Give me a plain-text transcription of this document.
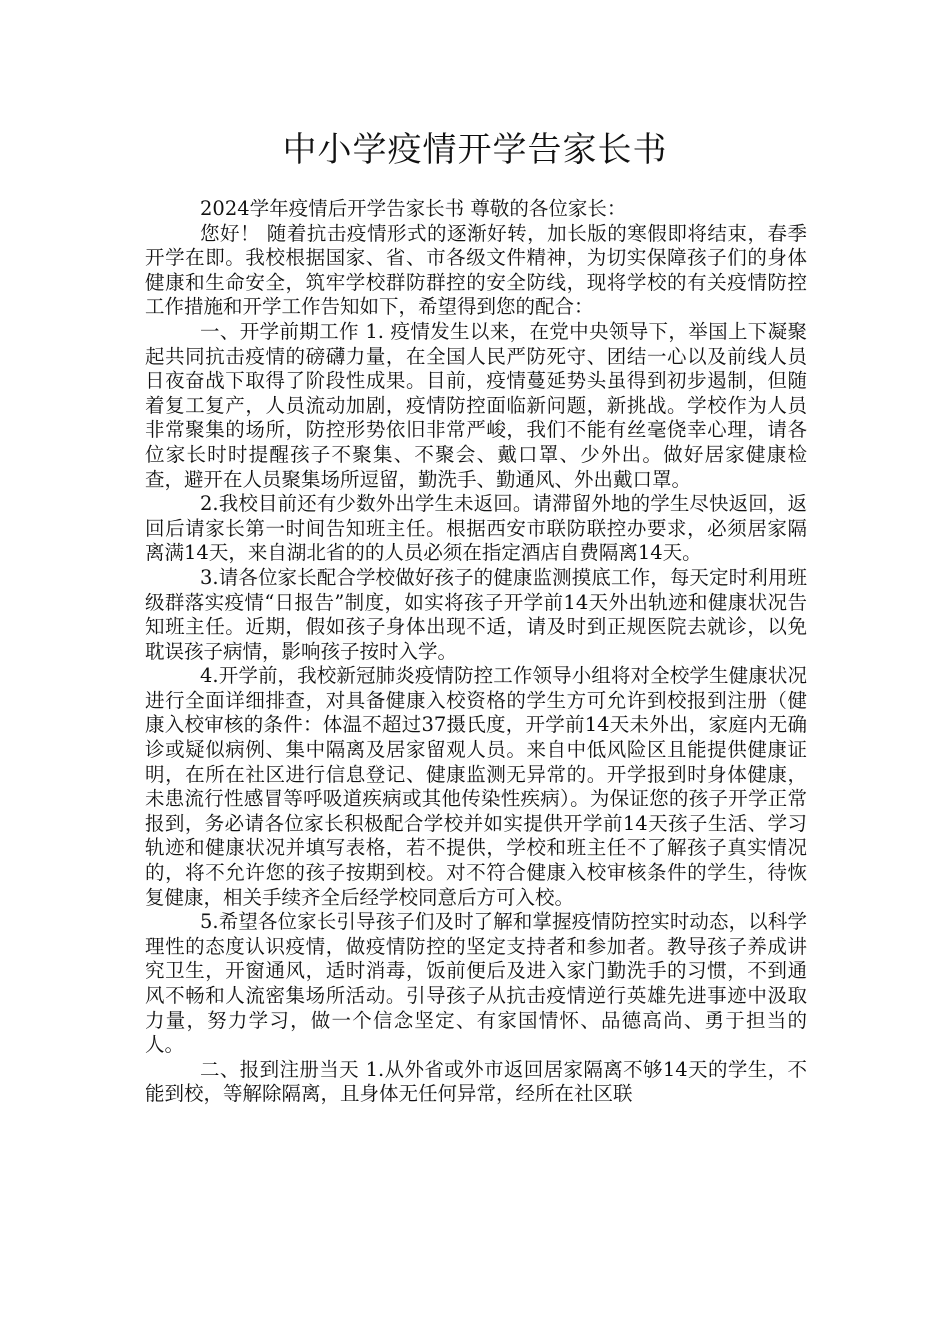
中小学疫情开学告家长书

2024学年疫情后开学告家长书 尊敬的各位家长：

您好！ 随着抗击疫情形式的逐渐好转，加长版的寒假即将结束，春季开学在即。我校根据国家、省、市各级文件精神，为切实保障孩子们的身体健康和生命安全，筑牢学校群防群控的安全防线，现将学校的有关疫情防控工作措施和开学工作告知如下，希望得到您的配合：

一、开学前期工作 1. 疫情发生以来，在党中央领导下，举国上下凝聚起共同抗击疫情的磅礴力量，在全国人民严防死守、团结一心以及前线人员日夜奋战下取得了阶段性成果。目前，疫情蔓延势头虽得到初步遏制，但随着复工复产，人员流动加剧，疫情防控面临新问题，新挑战。学校作为人员非常聚集的场所，防控形势依旧非常严峻，我们不能有丝毫侥幸心理，请各位家长时时提醒孩子不聚集、不聚会、戴口罩、少外出。做好居家健康检查，避开在人员聚集场所逗留，勤洗手、勤通风、外出戴口罩。

2.我校目前还有少数外出学生未返回。请滞留外地的学生尽快返回，返回后请家长第一时间告知班主任。根据西安市联防联控办要求，必须居家隔离满14天，来自湖北省的的人员必须在指定酒店自费隔离14天。

3.请各位家长配合学校做好孩子的健康监测摸底工作，每天定时利用班级群落实疫情“日报告”制度，如实将孩子开学前14天外出轨迹和健康状况告知班主任。近期，假如孩子身体出现不适，请及时到正规医院去就诊，以免耽误孩子病情，影响孩子按时入学。

4.开学前，我校新冠肺炎疫情防控工作领导小组将对全校学生健康状况进行全面详细排查，对具备健康入校资格的学生方可允许到校报到注册（健康入校审核的条件：体温不超过37摄氏度，开学前14天未外出，家庭内无确诊或疑似病例、集中隔离及居家留观人员。来自中低风险区且能提供健康证明，在所在社区进行信息登记、健康监测无异常的。开学报到时身体健康，未患流行性感冒等呼吸道疾病或其他传染性疾病）。为保证您的孩子开学正常报到，务必请各位家长积极配合学校并如实提供开学前14天孩子生活、学习轨迹和健康状况并填写表格，若不提供，学校和班主任不了解孩子真实情况的，将不允许您的孩子按期到校。对不符合健康入校审核条件的学生，待恢复健康，相关手续齐全后经学校同意后方可入校。

5.希望各位家长引导孩子们及时了解和掌握疫情防控实时动态，以科学理性的态度认识疫情，做疫情防控的坚定支持者和参加者。教导孩子养成讲究卫生，开窗通风，适时消毒，饭前便后及进入家门勤洗手的习惯，不到通风不畅和人流密集场所活动。引导孩子从抗击疫情逆行英雄先进事迹中汲取力量，努力学习，做一个信念坚定、有家国情怀、品德高尚、勇于担当的人。

二、报到注册当天 1.从外省或外市返回居家隔离不够14天的学生，不能到校，等解除隔离，且身体无任何异常，经所在社区联
